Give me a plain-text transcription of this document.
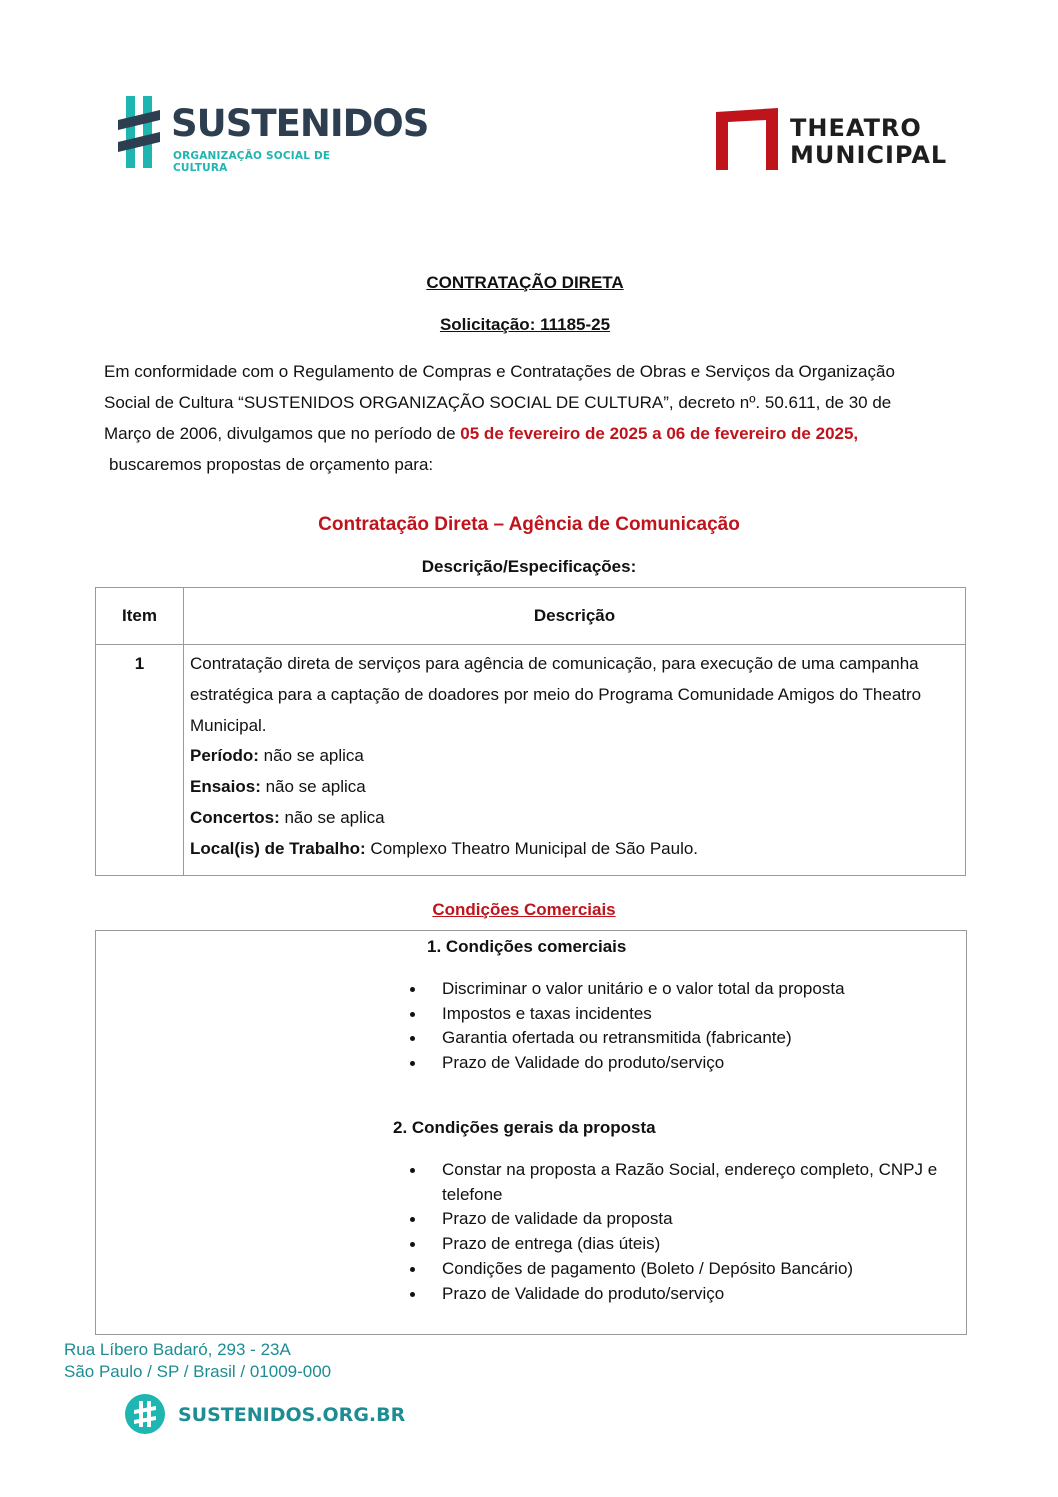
SUSTENIDOS
ORGANIZAÇÃO SOCIAL DE CULTURA
THEATRO
MUNICIPAL
CONTRATAÇÃO DIRETA
Solicitação: 11185-25
Em conformidade com o Regulamento de Compras e Contratações de Obras e Serviços da Organização
Social de Cultura “SUSTENIDOS ORGANIZAÇÃO SOCIAL DE CULTURA”, decreto nº. 50.611, de 30 de
Março de 2006, divulgamos que no período de 05 de fevereiro de 2025 a 06 de fevereiro de 2025,
buscaremos propostas de orçamento para:
Contratação Direta – Agência de Comunicação
Descrição/Especificações:
Item	Descrição
1	Contratação direta de serviços para agência de comunicação, para execução de uma campanha estratégica para a captação de doadores por meio do Programa Comunidade Amigos do Theatro Municipal.
Período: não se aplica
Ensaios: não se aplica
Concertos: não se aplica
Local(is) de Trabalho: Complexo Theatro Municipal de São Paulo.
Condições Comerciais
1. Condições comerciais
Discriminar o valor unitário e o valor total da proposta
Impostos e taxas incidentes
Garantia ofertada ou retransmitida (fabricante)
Prazo de Validade do produto/serviço
2. Condições gerais da proposta
Constar na proposta a Razão Social, endereço completo, CNPJ e telefone
Prazo de validade da proposta
Prazo de entrega (dias úteis)
Condições de pagamento (Boleto / Depósito Bancário)
Prazo de Validade do produto/serviço
Rua Líbero Badaró, 293 - 23A
São Paulo / SP / Brasil / 01009-000
SUSTENIDOS.ORG.BR
